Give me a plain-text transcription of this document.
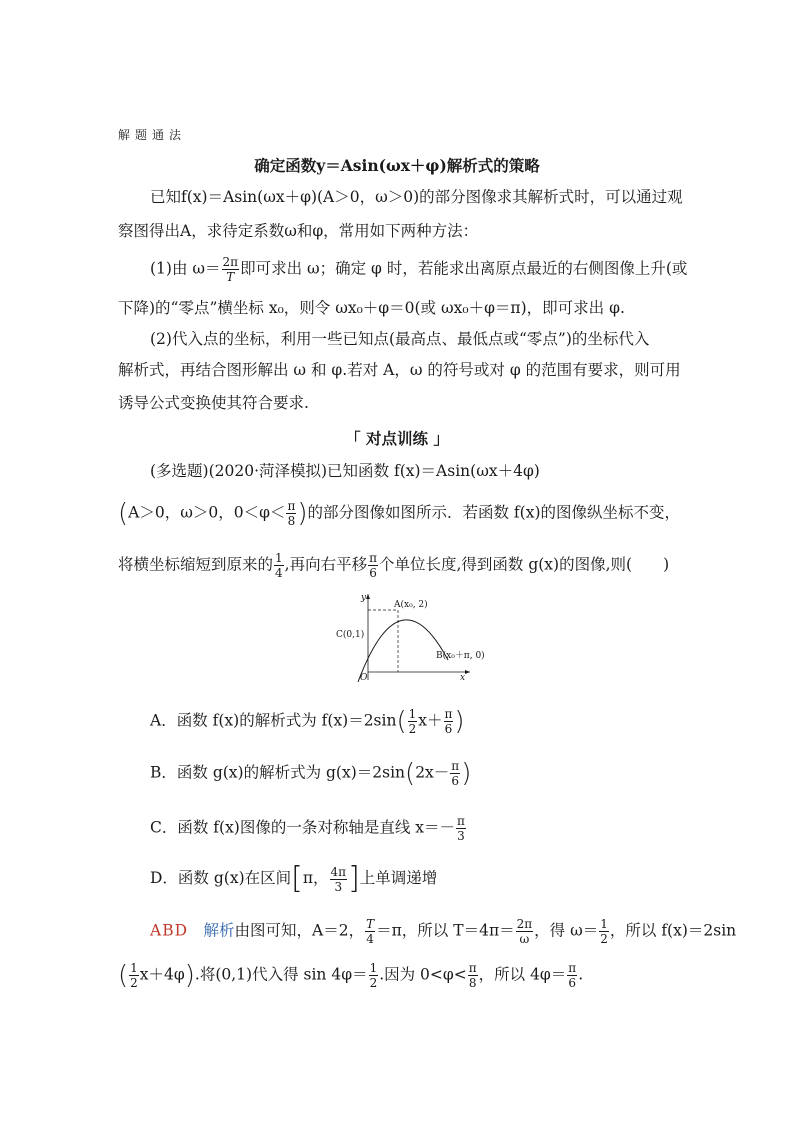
解题通法
确定函数y＝Asin(ωx＋φ)解析式的策略
已知f(x)＝Asin(ωx＋φ)(A＞0，ω＞0)的部分图像求其解析式时，可以通过观
察图得出A，求待定系数ω和φ，常用如下两种方法：
(1)由 $\omega= \frac{2\pi}{T}$ 即可求出 ω；确定 φ 时，若能求出离原点最近的右侧图像上升(或
下降)的“零点”横坐标 x₀，则令 ωx₀＋φ＝0(或 ωx₀＋φ＝π)，即可求出 φ.
(2)代入点的坐标，利用一些已知点(最高点、最低点或“零点”)的坐标代入
解析式，再结合图形解出 ω 和 φ.若对 A，ω 的符号或对 φ 的范围有要求，则可用
诱导公式变换使其符合要求.
「 对点训练 」
(多选题)(2020·菏泽模拟)已知函数 f(x)＝Asin(ωx＋4φ)
(A＞0，ω＞0，$0<\varphi< \frac{\pi}{8}$ )的部分图像如图所示．若函数 f(x)的图像纵坐标不变，
将横坐标缩短到原来的 $\frac{1}{4}$ ,再向右平移 $\frac{\pi}{6}$ 个单位长度,得到函数 g(x)的图像,则(　　)
y
x
O
A(x₀, 2)
B(x₀＋π, 0)
C(0,1)
A．函数 f(x)的解析式为 $f(x)=2\sin( \frac{1}{2} x+ \frac{\pi}{6}$ )
B．函数 g(x)的解析式为 $g(x)=2\sin(2x- \frac{\pi}{6}$ )
C．函数 f(x)图像的一条对称轴是直线 $x=- \frac{\pi}{3}$
D．函数 g(x)在区间[π， $\frac{4\pi}{3}$ ]上单调递增
ABD　 解析由图可知，A＝2， $\frac{T}{4} =\pi$，所以 $T=4\pi= \frac{2\pi}{\omega}$ ，得 $\omega= \frac{1}{2}$ ，所以 f(x)＝2sin
( $\frac{1}{2} x+4\varphi$).将(0,1)代入得 $\sin 4\varphi= \frac{1}{2}$ .因为 $0<\varphi< \frac{\pi}{8}$ ，所以 $4\varphi= \frac{\pi}{6}$ .
